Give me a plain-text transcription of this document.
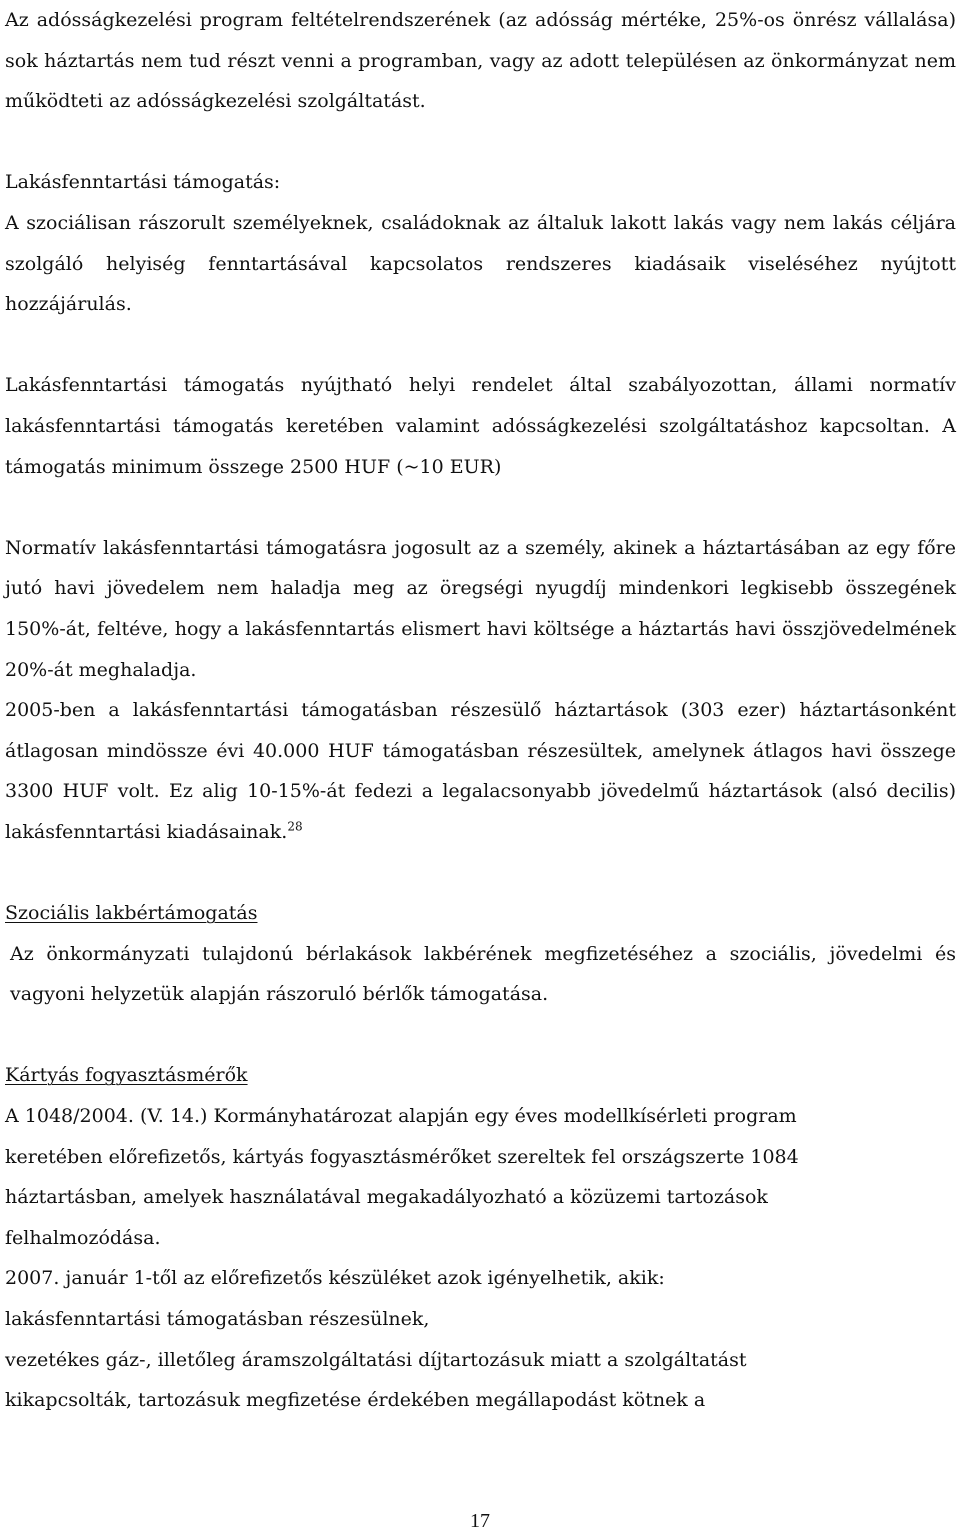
Az adósságkezelési program feltételrendszerének (az adósság mértéke, 25%-os önrész vállalása) sok háztartás nem tud részt venni a programban, vagy az adott településen az önkormányzat nem működteti az adósságkezelési szolgáltatást.

Lakásfenntartási támogatás:

A szociálisan rászorult személyeknek, családoknak az általuk lakott lakás vagy nem lakás céljára szolgáló helyiség fenntartásával kapcsolatos rendszeres kiadásaik viseléséhez nyújtott hozzájárulás.

Lakásfenntartási támogatás nyújtható helyi rendelet által szabályozottan, állami normatív lakásfenntartási támogatás keretében valamint adósságkezelési szolgáltatáshoz kapcsoltan. A támogatás minimum összege 2500 HUF (~10 EUR)

Normatív lakásfenntartási támogatásra jogosult az a személy, akinek a háztartásában az egy főre jutó havi jövedelem nem haladja meg az öregségi nyugdíj mindenkori legkisebb összegének 150%-át, feltéve, hogy a lakásfenntartás elismert havi költsége a háztartás havi összjövedelmének 20%-át meghaladja.

2005-ben a lakásfenntartási támogatásban részesülő háztartások (303 ezer) háztartásonként átlagosan mindössze évi 40.000 HUF támogatásban részesültek, amelynek átlagos havi összege 3300 HUF volt. Ez alig 10-15%-át fedezi a legalacsonyabb jövedelmű háztartások (alsó decilis) lakásfenntartási kiadásainak.$^{28}$

Szociális lakbértámogatás

Az önkormányzati tulajdonú bérlakások lakbérének megfizetéséhez a szociális, jövedelmi és vagyoni helyzetük alapján rászoruló bérlők támogatása.

Kártyás fogyasztásmérők

A 1048/2004. (V. 14.) Kormányhatározat alapján egy éves modellkísérleti program
keretében előrefizetős, kártyás fogyasztásmérőket szereltek fel országszerte 1084
háztartásban, amelyek használatával megakadályozható a közüzemi tartozások
felhalmozódása.
2007. január 1-től az előrefizetős készüléket azok igényelhetik, akik:
lakásfenntartási támogatásban részesülnek,
vezetékes gáz-, illetőleg áramszolgáltatási díjtartozásuk miatt a szolgáltatást
kikapcsolták, tartozásuk megfizetése érdekében megállapodást kötnek a
17
